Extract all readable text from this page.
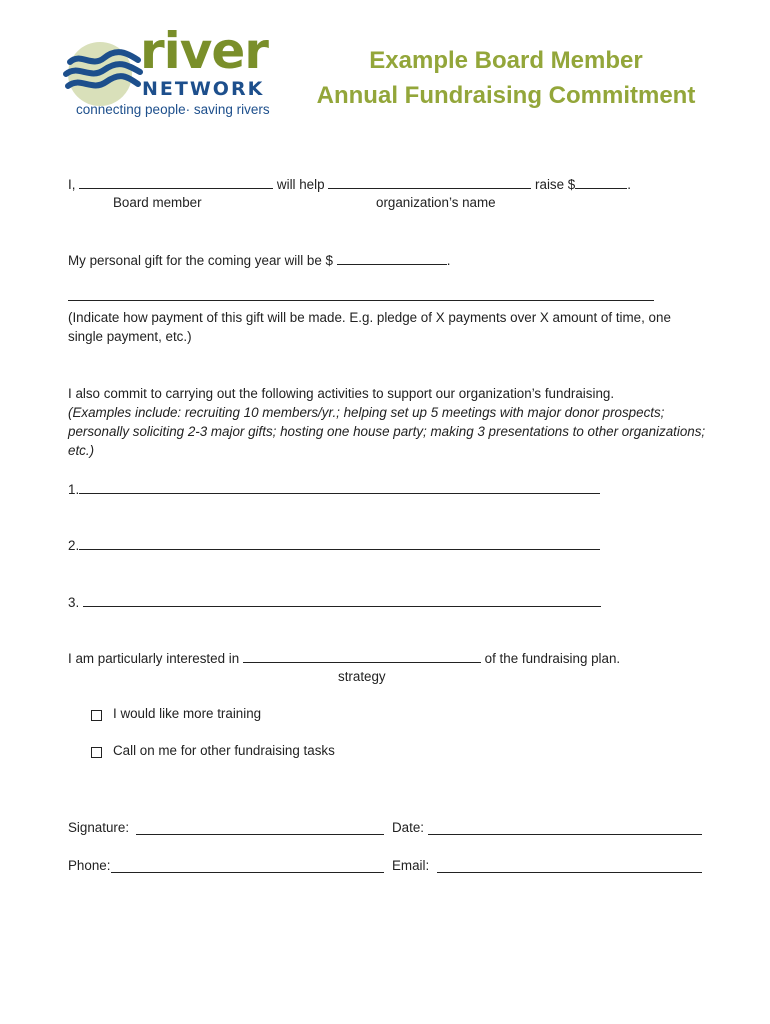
river
NETWORK
connecting people· saving rivers
Example Board Member
Annual Fundraising Commitment
I,	will help	raise $	.
Board member	organization’s name
My personal gift for the coming year will be $	.
(Indicate how payment of this gift will be made. E.g. pledge of X payments over X amount of time, one single payment, etc.)
I also commit to carrying out the following activities to support our organization’s fundraising.
(Examples include: recruiting 10 members/yr.; helping set up 5 meetings with major donor prospects; personally soliciting 2-3 major gifts; hosting one house party; making 3 presentations to other organizations; etc.)
1.
2.
3.
I am particularly interested in	of the fundraising plan.
strategy
I would like more training
Call on me for other fundraising tasks
Signature:	Date:
Phone:	Email:
